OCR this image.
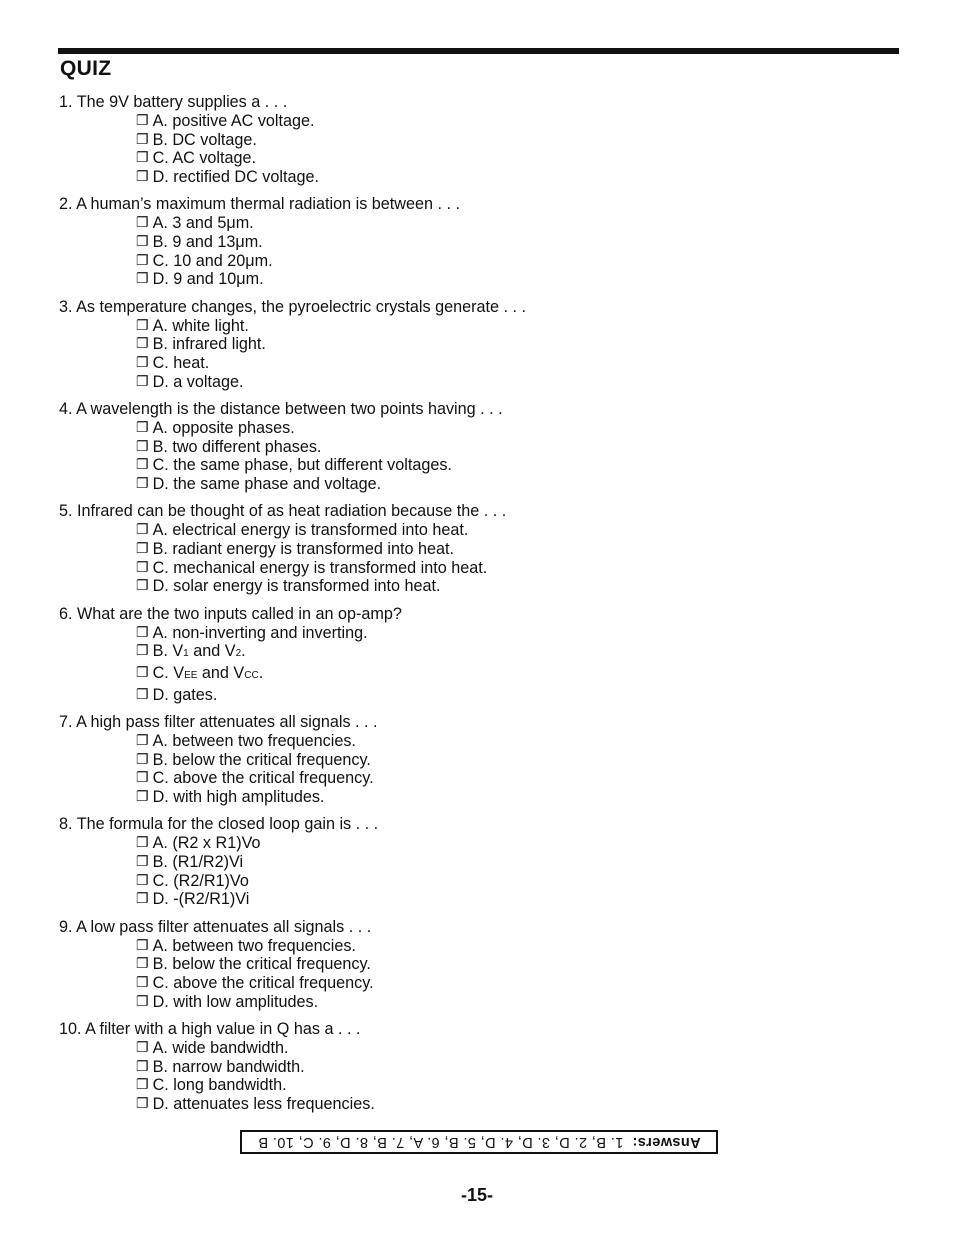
QUIZ
1. The 9V battery supplies a . . .
❐ A. positive AC voltage.
❐ B. DC voltage.
❐ C. AC voltage.
❐ D. rectified DC voltage.
2. A human’s maximum thermal radiation is between . . .
❐ A. 3 and 5μm.
❐ B. 9 and 13μm.
❐ C. 10 and 20μm.
❐ D. 9 and 10μm.
3. As temperature changes, the pyroelectric crystals generate . . .
❐ A. white light.
❐ B. infrared light.
❐ C. heat.
❐ D. a voltage.
4. A wavelength is the distance between two points having . . .
❐ A. opposite phases.
❐ B. two different phases.
❐ C. the same phase, but different voltages.
❐ D. the same phase and voltage.
5. Infrared can be thought of as heat radiation because the . . .
❐ A. electrical energy is transformed into heat.
❐ B. radiant energy is transformed into heat.
❐ C. mechanical energy is transformed into heat.
❐ D. solar energy is transformed into heat.
6. What are the two inputs called in an op-amp?
❐ A. non-inverting and inverting.
❐ B. V1 and V2.
❐ C. VEE and VCC.
❐ D. gates.
7. A high pass filter attenuates all signals . . .
❐ A. between two frequencies.
❐ B. below the critical frequency.
❐ C. above the critical frequency.
❐ D. with high amplitudes.
8. The formula for the closed loop gain is . . .
❐ A. (R2 x R1)Vo
❐ B. (R1/R2)Vi
❐ C. (R2/R1)Vo
❐ D. -(R2/R1)Vi
9. A low pass filter attenuates all signals . . .
❐ A. between two frequencies.
❐ B. below the critical frequency.
❐ C. above the critical frequency.
❐ D. with low amplitudes.
10. A filter with a high value in Q has a . . .
❐ A. wide bandwidth.
❐ B. narrow bandwidth.
❐ C. long bandwidth.
❐ D. attenuates less frequencies.
Answers:  1. B, 2. D, 3. D, 4. D, 5. B, 6. A, 7. B, 8. D, 9. C, 10. B
-15-
